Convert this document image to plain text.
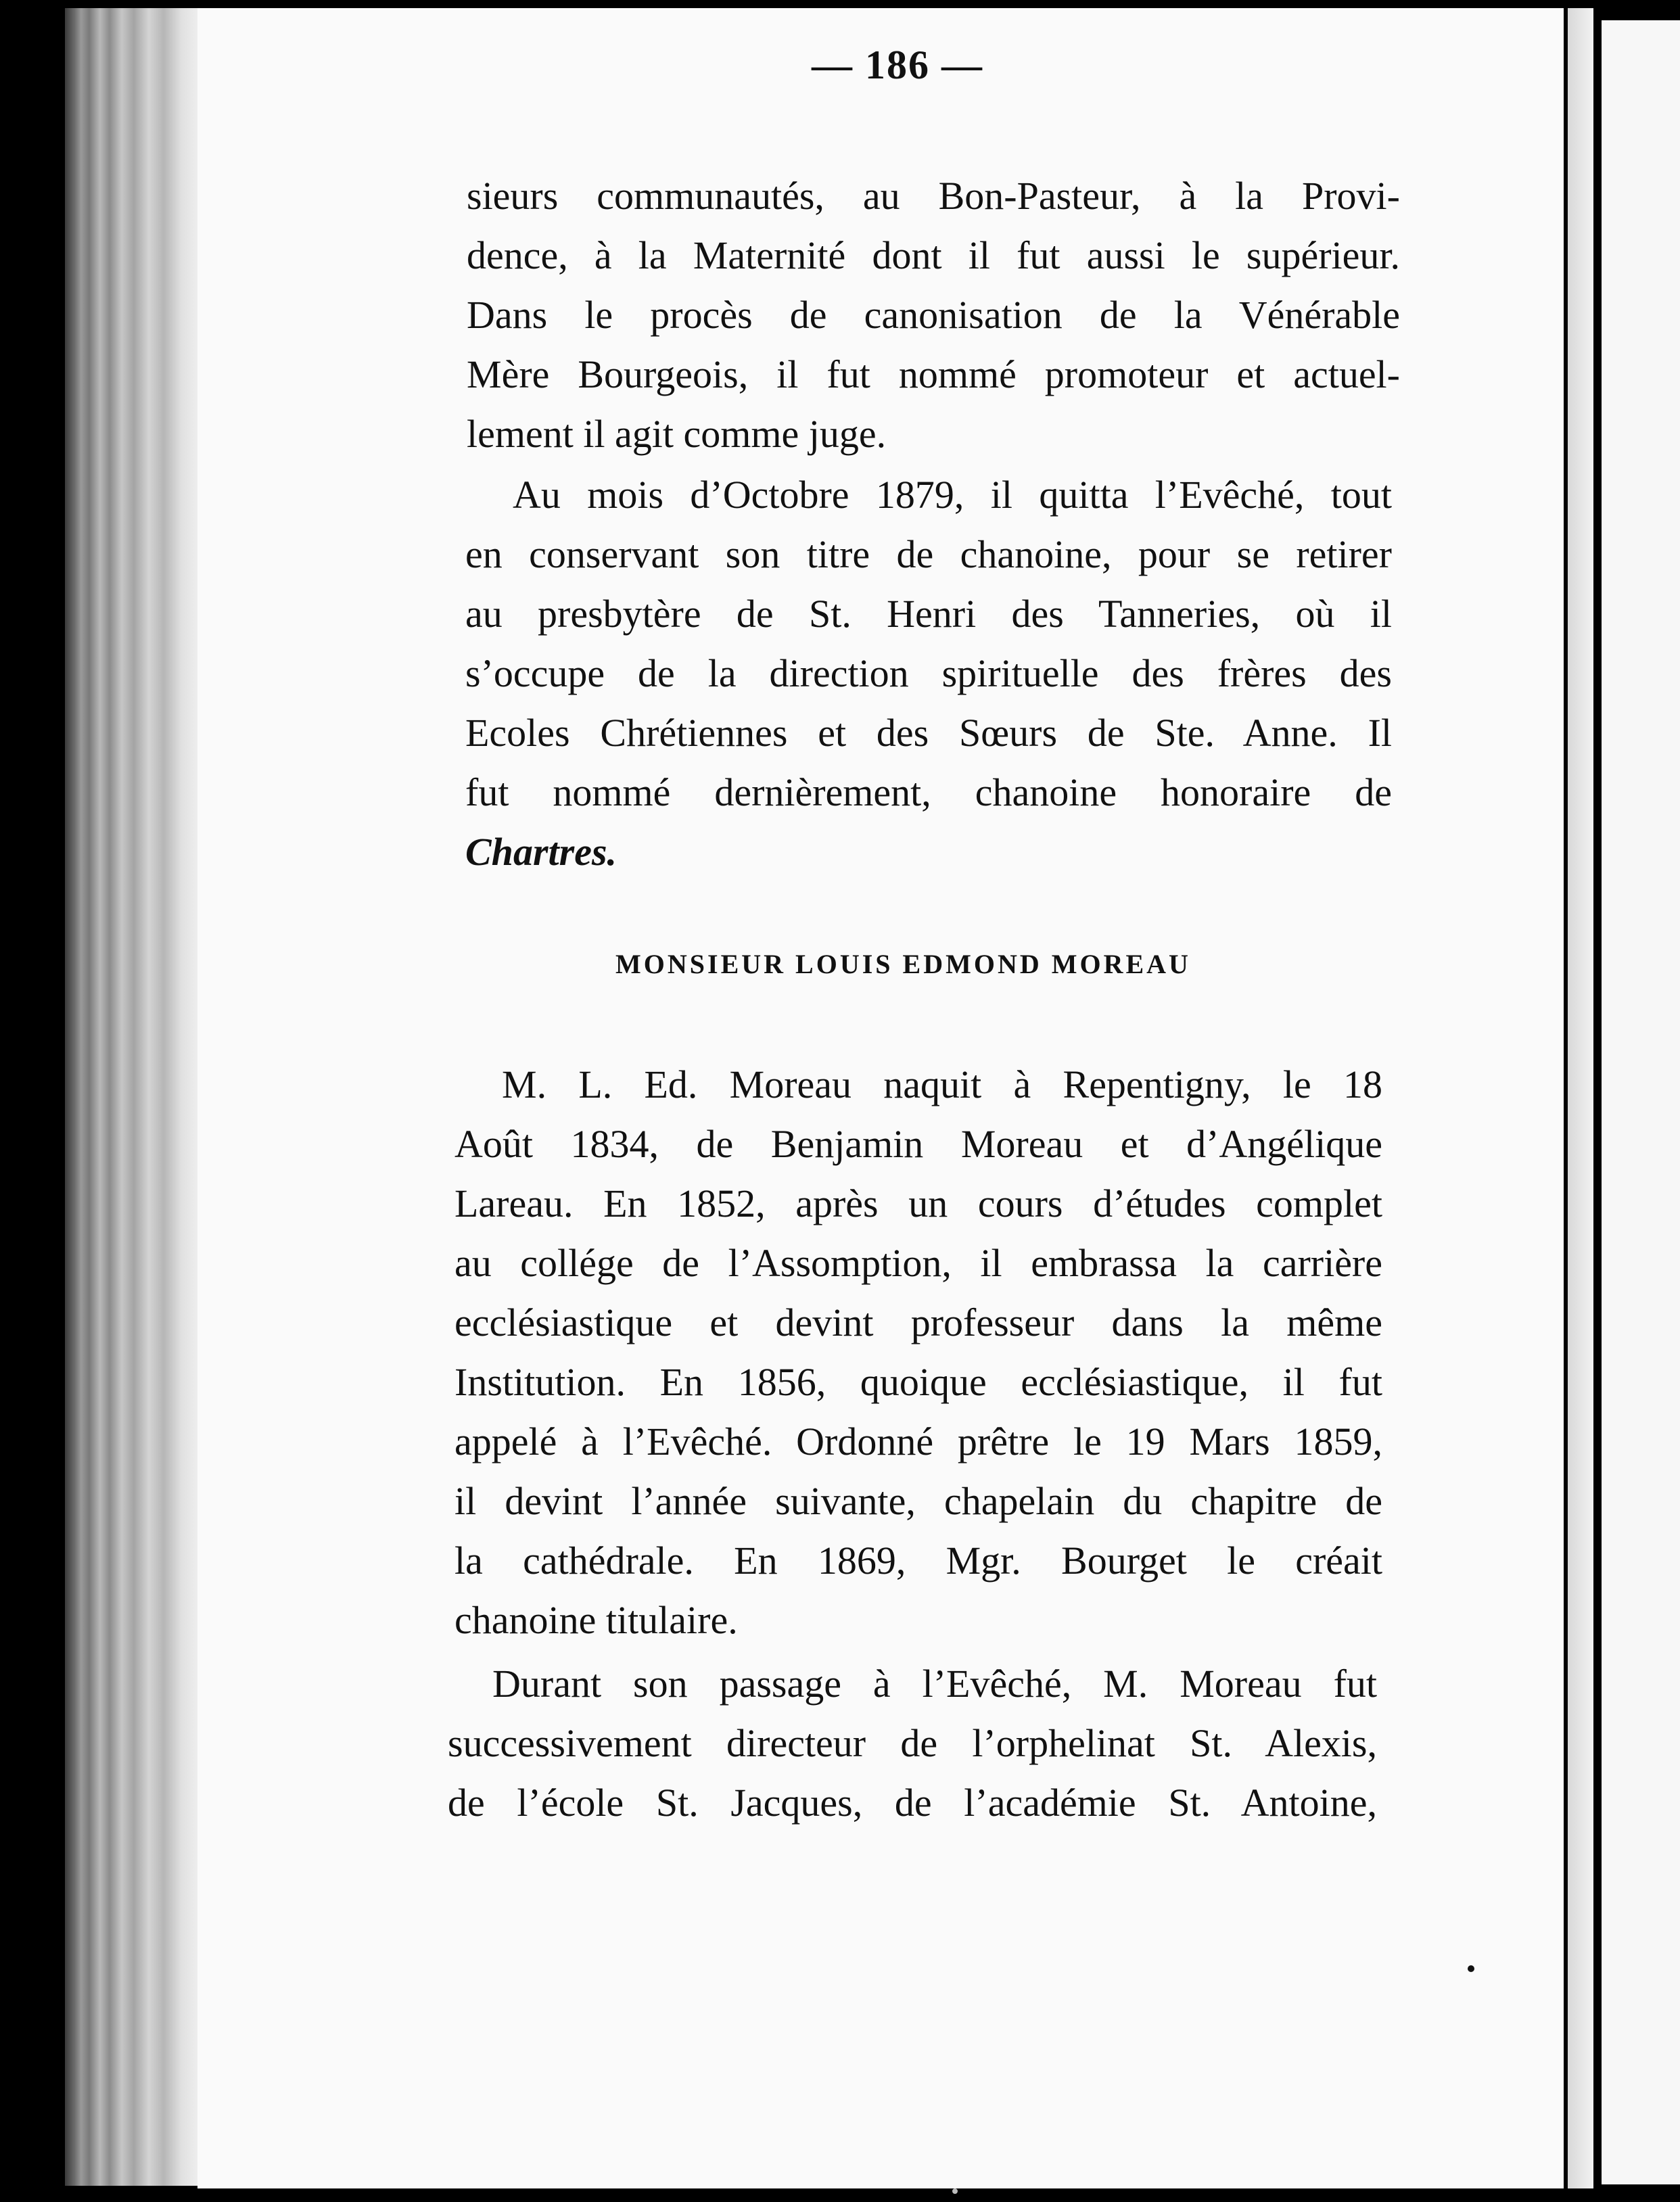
— 186 —
sieurs communautés, au Bon-Pasteur, à la Provi-
dence, à la Maternité dont il fut aussi le supérieur.
Dans le procès de canonisation de la Vénérable
Mère Bourgeois, il fut nommé promoteur et actuel-
lement il agit comme juge.
Au mois d’Octobre 1879, il quitta l’Evêché, tout
en conservant son titre de chanoine, pour se retirer
au presbytère de St. Henri des Tanneries, où il
s’occupe de la direction spirituelle des frères des
Ecoles Chrétiennes et des Sœurs de Ste. Anne. Il
fut nommé dernièrement, chanoine honoraire de
Chartres.
MONSIEUR LOUIS EDMOND MOREAU
M. L. Ed. Moreau naquit à Repentigny, le 18
Août 1834, de Benjamin Moreau et d’Angélique
Lareau. En 1852, après un cours d’études complet
au collége de l’Assomption, il embrassa la carrière
ecclésiastique et devint professeur dans la même
Institution. En 1856, quoique ecclésiastique, il fut
appelé à l’Evêché. Ordonné prêtre le 19 Mars 1859,
il devint l’année suivante, chapelain du chapitre de
la cathédrale. En 1869, Mgr. Bourget le créait
chanoine titulaire.
Durant son passage à l’Evêché, M. Moreau fut
successivement directeur de l’orphelinat St. Alexis,
de l’école St. Jacques, de l’académie St. Antoine,
